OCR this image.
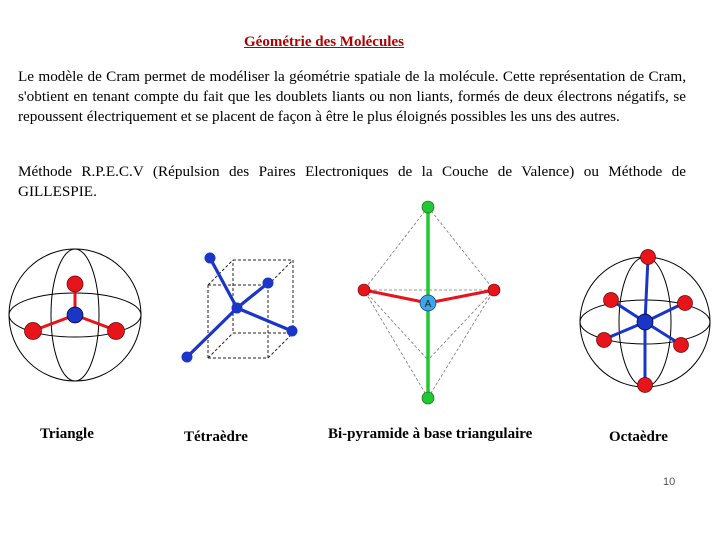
Géométrie des Molécules

Le modèle de Cram permet de modéliser la géométrie spatiale de la molécule. Cette représentation de Cram, s'obtient en tenant compte du fait que les doublets liants ou non liants, formés de deux électrons négatifs, se repoussent électriquement et se placent de façon à être le plus éloignés possibles les uns des autres.

Méthode R.P.E.C.V (Répulsion des Paires Electroniques de la Couche de Valence) ou Méthode de GILLESPIE.

A
Triangle	Tétraèdre	Bi-pyramide à base triangulaire	Octaèdre
10
